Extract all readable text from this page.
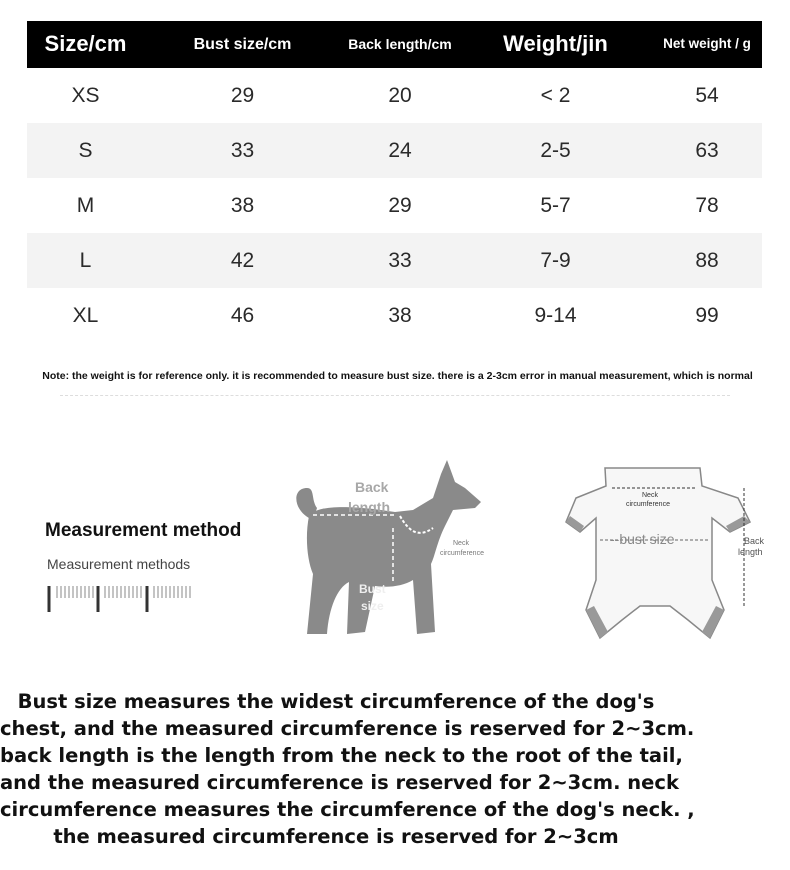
Size/cm	Bust size/cm	Back length/cm	Weight/jin	Net weight / g
XS	29	20	< 2	54
S	33	24	2-5	63
M	38	29	5-7	78
L	42	33	7-9	88
XL	46	38	9-14	99
Note: the weight is for reference only. it is recommended to measure bust size. there is a 2-3cm error in manual measurement, which is normal
Measurement method
Measurement methods
Back
length
Neck
circumference
Bust
size
Neck
circumference
--bust size	Back
length
Bust size measures the widest circumference of the dog's
chest, and the measured circumference is reserved for 2~3cm.
back length is the length from the neck to the root of the tail,
and the measured circumference is reserved for 2~3cm. neck
circumference measures the circumference of the dog's neck. ,
the measured circumference is reserved for 2~3cm
